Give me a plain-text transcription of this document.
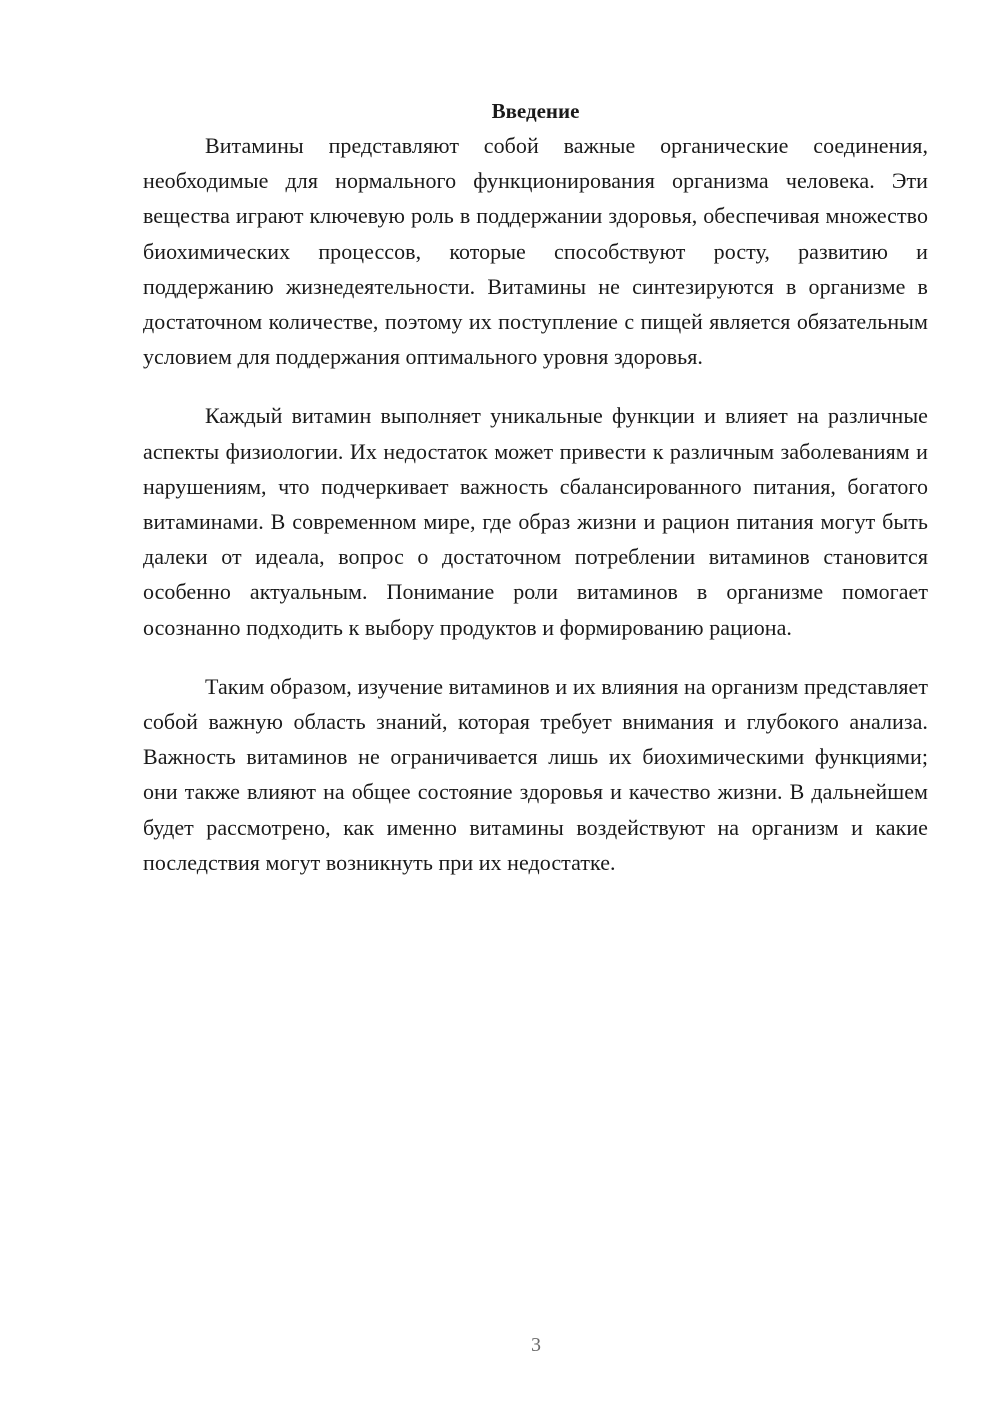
Введение

Витамины представляют собой важные органические соединения, необходимые для нормального функционирования организма человека. Эти вещества играют ключевую роль в поддержании здоровья, обеспечивая множество биохимических процессов, которые способствуют росту, развитию и поддержанию жизнедеятельности. Витамины не синтезируются в организме в достаточном количестве, поэтому их поступление с пищей является обязательным условием для поддержания оптимального уровня здоровья.

Каждый витамин выполняет уникальные функции и влияет на различные аспекты физиологии. Их недостаток может привести к различным заболеваниям и нарушениям, что подчеркивает важность сбалансированного питания, богатого витаминами. В современном мире, где образ жизни и рацион питания могут быть далеки от идеала, вопрос о достаточном потреблении витаминов становится особенно актуальным. Понимание роли витаминов в организме помогает осознанно подходить к выбору продуктов и формированию рациона.

Таким образом, изучение витаминов и их влияния на организм представляет собой важную область знаний, которая требует внимания и глубокого анализа. Важность витаминов не ограничивается лишь их биохимическими функциями; они также влияют на общее состояние здоровья и качество жизни. В дальнейшем будет рассмотрено, как именно витамины воздействуют на организм и какие последствия могут возникнуть при их недостатке.

3
